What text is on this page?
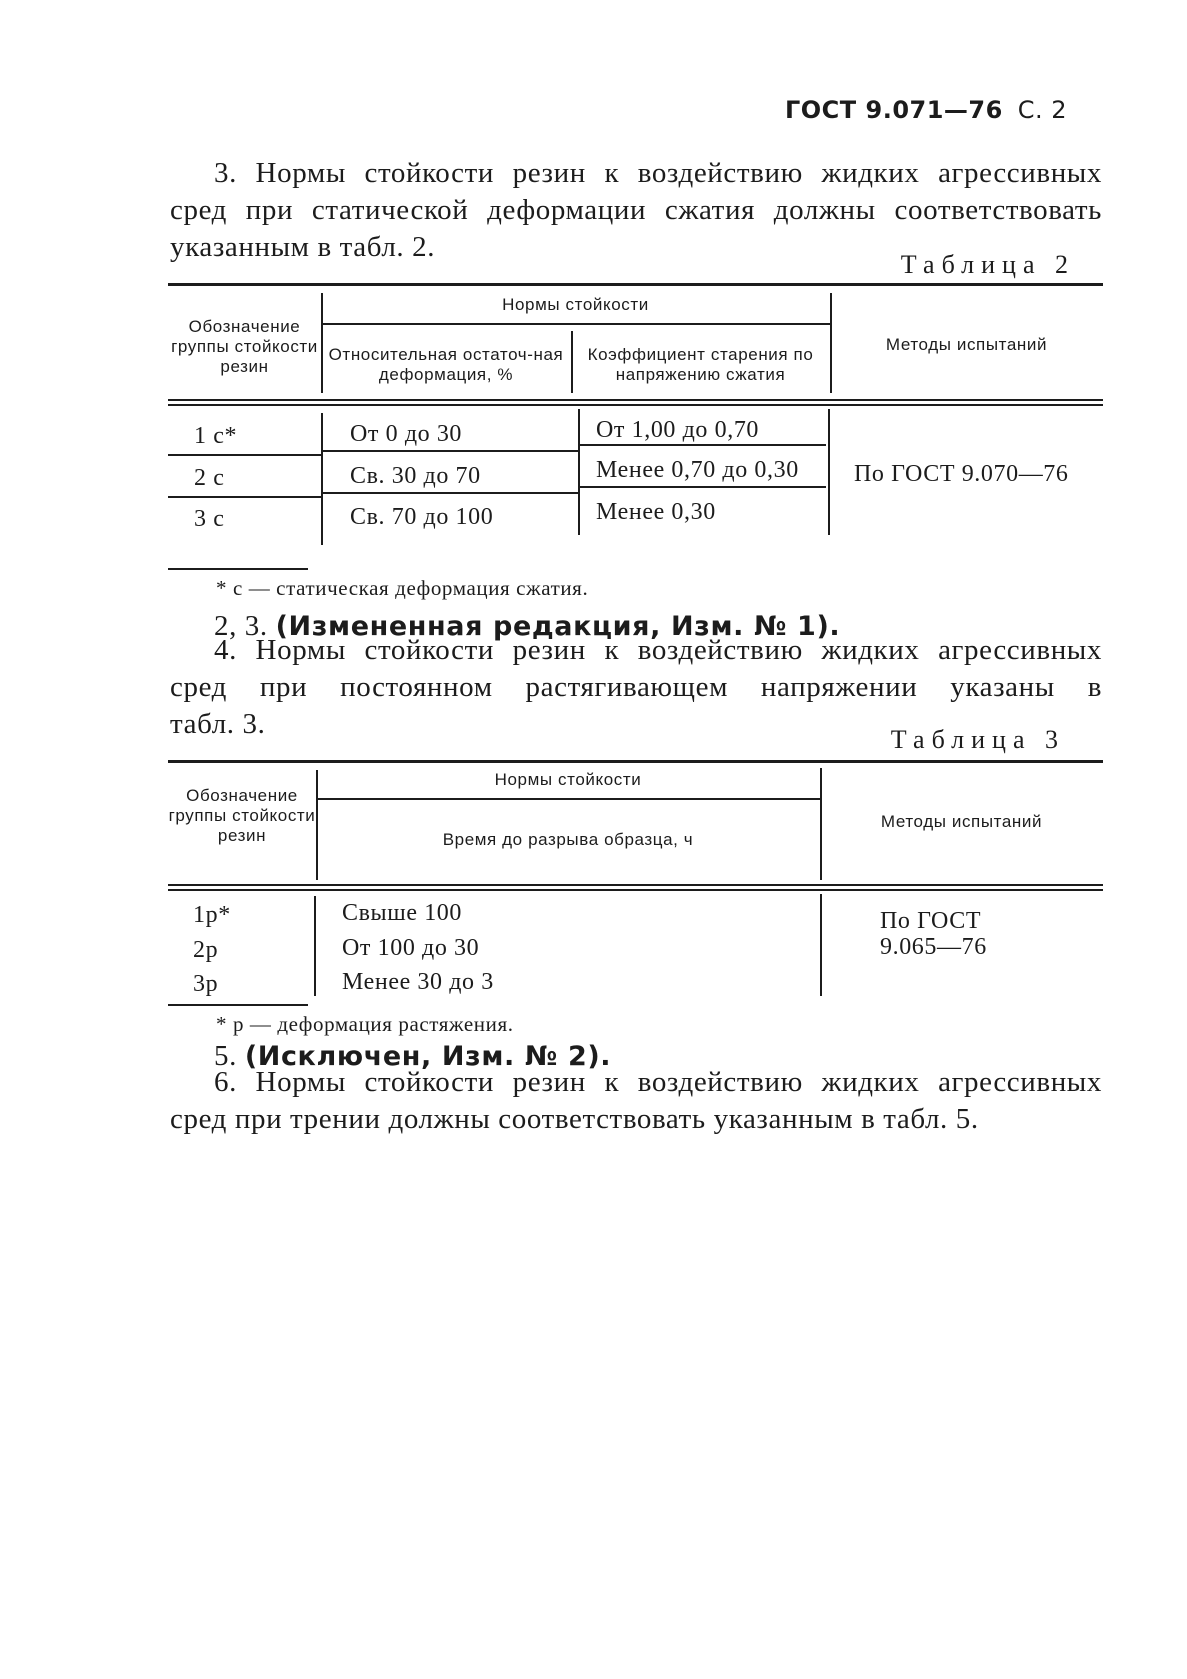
ГОСТ 9.071—76 С. 2
3. Нормы стойкости резин к воздействию жидких агрессивных
сред при статической деформации сжатия должны соответствовать
указанным в табл. 2.
Таблица 2
Обозначение группы стойкости резин
Нормы стойкости
Относительная остаточ-ная деформация, %
Коэффициент старения по напряжению сжатия
Методы испытаний
1 с*	От 0 до 30	От 1,00 до 0,70
2 с	Св. 30 до 70	Менее 0,70 до 0,30
3 с	Св. 70 до 100	Менее 0,30
По ГОСТ 9.070—76
* с — статическая деформация сжатия.
2, 3. (Измененная редакция, Изм. № 1).
4. Нормы стойкости резин к воздействию жидких агрессивных
сред при постоянном растягивающем напряжении указаны в
табл. 3.	Таблица 3
Обозначение группы стойкости резин
Нормы стойкости
Время до разрыва образца, ч
Методы испытаний
1р*	Свыше 100
2р	От 100 до 30
3р	Менее 30 до 3
По ГОСТ
9.065—76
* р — деформация растяжения.
5. (Исключен, Изм. № 2).
6. Нормы стойкости резин к воздействию жидких агрессивных
сред при трении должны соответствовать указанным в табл. 5.
